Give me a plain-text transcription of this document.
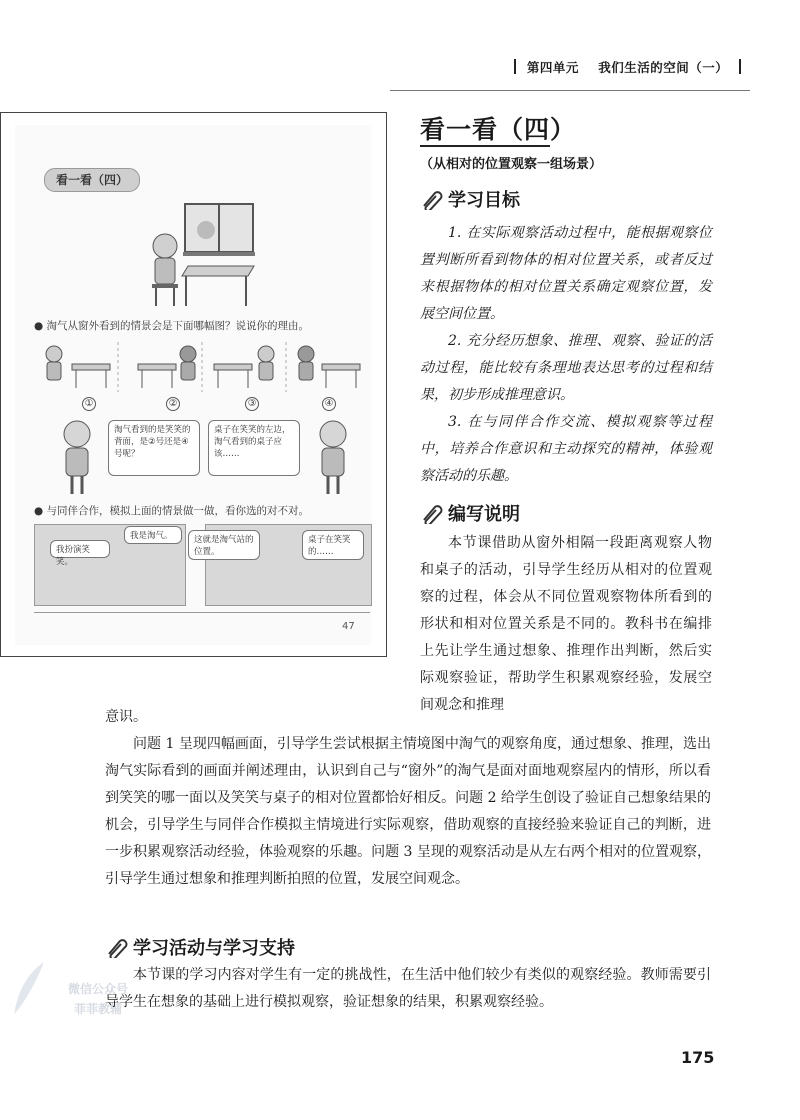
第四单元 我们生活的空间（一）
看一看（四）
● 淘气从窗外看到的情景会是下面哪幅图？说说你的理由。
①	②	③	④
淘气看到的是笑笑的背面，是②号还是④号呢？
桌子在笑笑的左边，淘气看到的桌子应该……
● 与同伴合作，模拟上面的情景做一做，看你选的对不对。
我扮演笑笑。
我是淘气。	这就是淘气站的位置。
桌子在笑笑的……
47
看一看（四）
（从相对的位置观察一组场景）
学习目标
1. 在实际观察活动过程中，能根据观察位置判断所看到物体的相对位置关系，或者反过来根据物体的相对位置关系确定观察位置，发展空间位置。
2. 充分经历想象、推理、观察、验证的活动过程，能比较有条理地表达思考的过程和结果，初步形成推理意识。
3. 在与同伴合作交流、模拟观察等过程中，培养合作意识和主动探究的精神，体验观察活动的乐趣。
编写说明
本节课借助从窗外相隔一段距离观察人物和桌子的活动，引导学生经历从相对的位置观察的过程，体会从不同位置观察物体所看到的形状和相对位置关系是不同的。教科书在编排上先让学生通过想象、推理作出判断，然后实际观察验证，帮助学生积累观察经验，发展空间观念和推理
意识。
问题 1 呈现四幅画面，引导学生尝试根据主情境图中淘气的观察角度，通过想象、推理，选出淘气实际看到的画面并阐述理由，认识到自己与“窗外”的淘气是面对面地观察屋内的情形，所以看到笑笑的哪一面以及笑笑与桌子的相对位置都恰好相反。问题 2 给学生创设了验证自己想象结果的机会，引导学生与同伴合作模拟主情境进行实际观察，借助观察的直接经验来验证自己的判断，进一步积累观察活动经验，体验观察的乐趣。问题 3 呈现的观察活动是从左右两个相对的位置观察，引导学生通过想象和推理判断拍照的位置，发展空间观念。
学习活动与学习支持
本节课的学习内容对学生有一定的挑战性，在生活中他们较少有类似的观察经验。教师需要引导学生在想象的基础上进行模拟观察，验证想象的结果，积累观察经验。
微信公众号
菲菲教辅
175
